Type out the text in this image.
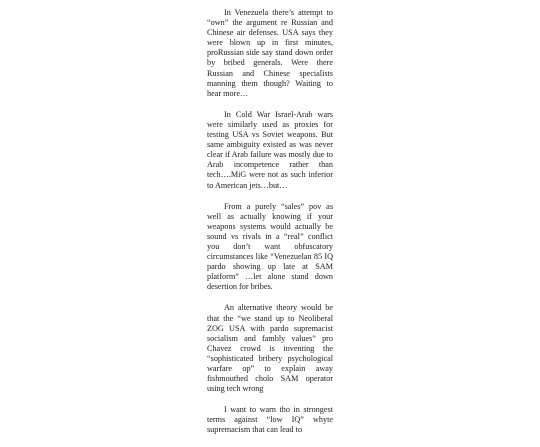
In Venezuela there’s attempt to “own” the argument re Russian and Chinese air defenses. USA says they were blown up in first minutes, proRussian side say stand down order by bribed generals. Were there Russian and Chinese specialists manning them though? Waiting to hear more…

In Cold War Israel-Arab wars were similarly used as proxies for testing USA vs Soviet weapons. But same ambiguity existed as was never clear if Arab failure was mostly due to Arab incompetence rather than tech….MiG were not as such inferior to American jets…but…

From a purely “sales” pov as well as actually knowing if your weapons systems would actually be sound vs rivals in a “real” conflict you don’t want obfuscatory circumstances like “Venezuelan 85 IQ pardo showing up late at SAM platform” …let alone stand down desertion for bribes.

An alternative theory would be that the “we stand up to Neoliberal ZOG USA with pardo supremacist socialism and fambly values” pro Chavez crowd is inventing the “sophisticated bribery psychological warfare op” to explain away fishmouthed cholo SAM operator using tech wrong

I want to warn tho in strongest terms against “low IQ” whyte supremacism that can lead to
